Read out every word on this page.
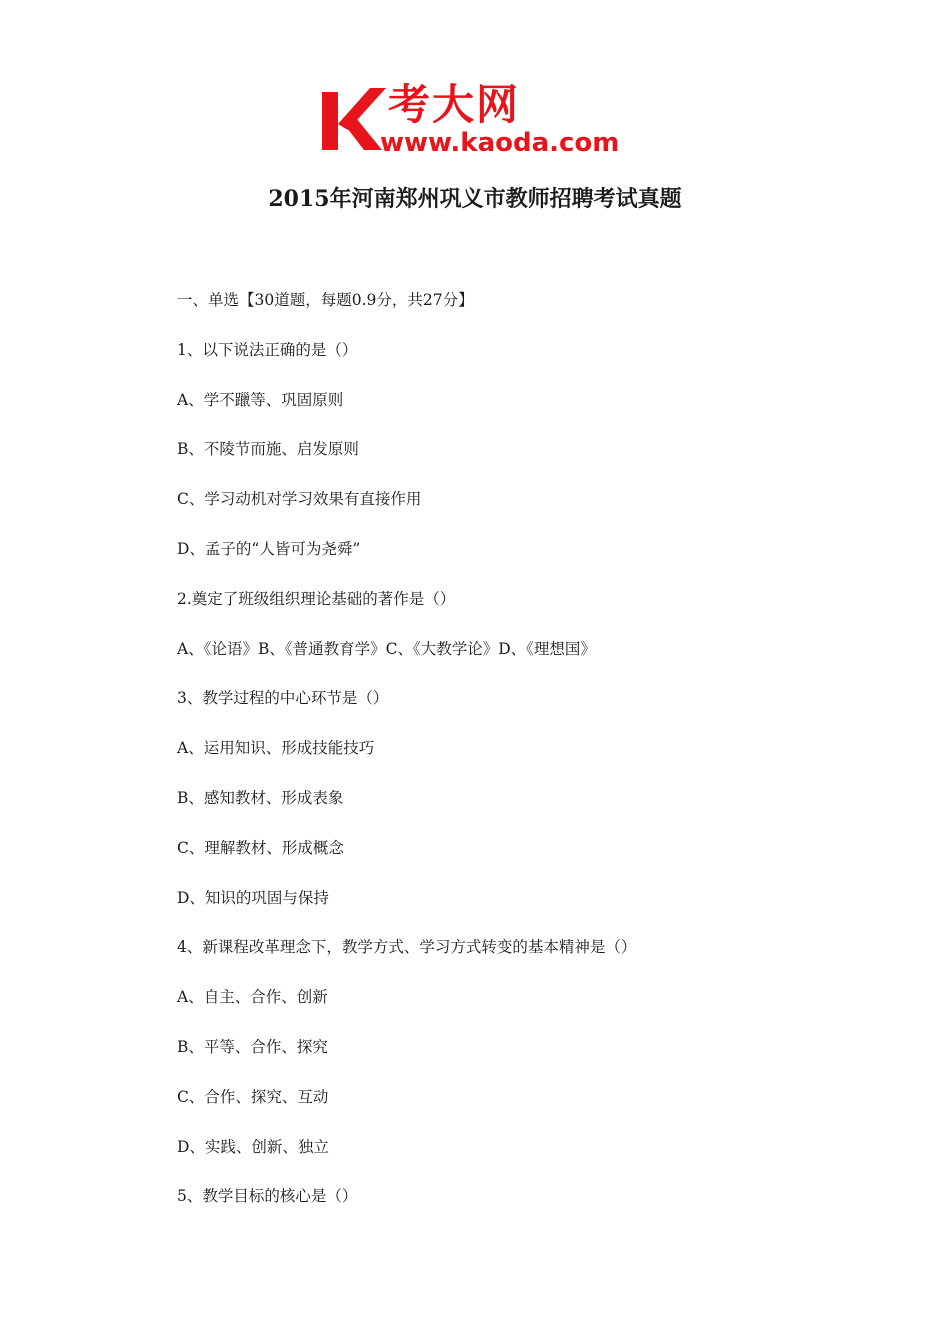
考大网
www.kaoda.com
2015年河南郑州巩义市教师招聘考试真题
一、单选【30道题，每题0.9分，共27分】
1、以下说法正确的是（）
A、学不躐等、巩固原则
B、不陵节而施、启发原则
C、学习动机对学习效果有直接作用
D、孟子的“人皆可为尧舜”
2.奠定了班级组织理论基础的著作是（）
A、《论语》B、《普通教育学》C、《大教学论》D、《理想国》
3、教学过程的中心环节是（）
A、运用知识、形成技能技巧
B、感知教材、形成表象
C、理解教材、形成概念
D、知识的巩固与保持
4、新课程改革理念下，教学方式、学习方式转变的基本精神是（）
A、自主、合作、创新
B、平等、合作、探究
C、合作、探究、互动
D、实践、创新、独立
5、教学目标的核心是（）
